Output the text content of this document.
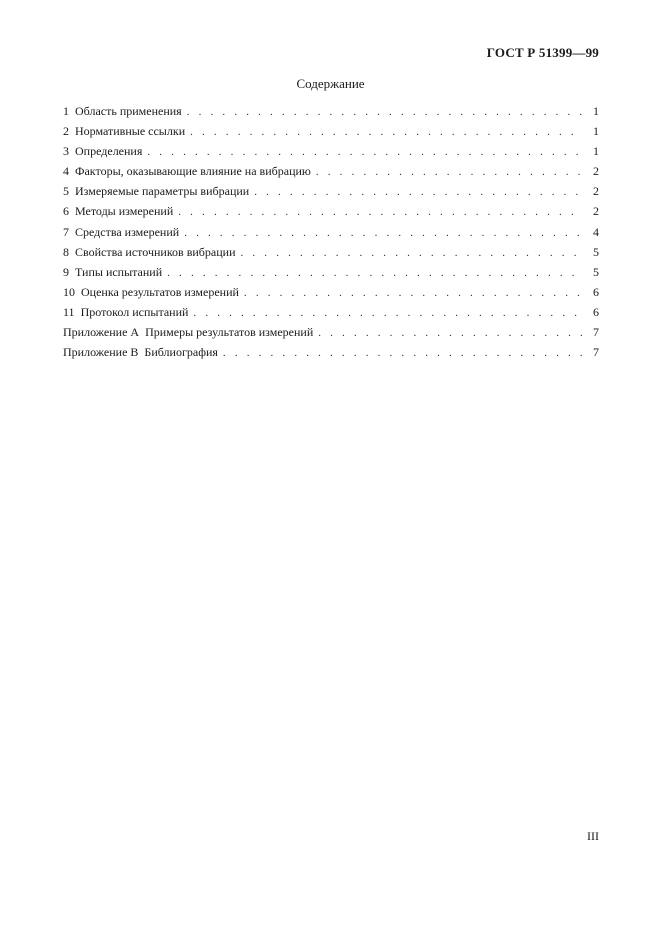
ГОСТ Р 51399—99
Содержание
1
Область применения . . .	1
2
Нормативные ссылки . . .	1
3
Определения . . .	1
4
Факторы, оказывающие влияние на вибрацию . . .	2
5
Измеряемые параметры вибрации . . .	2
6
Методы измерений . . .	2
7
Средства измерений . . .	4
8
Свойства источников вибрации . . .	5
9
Типы испытаний . . .	5
10
Оценка результатов измерений . . .	6
11
Протокол испытаний . . .	6
Приложение А
Примеры результатов измерений . . .	7
Приложение В
Библиография . . .	7
III
